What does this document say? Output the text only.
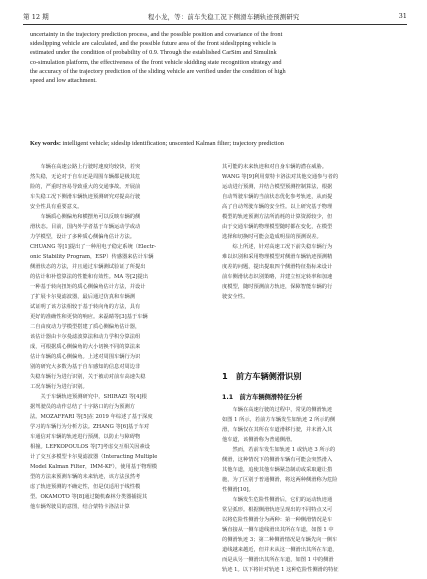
第 12 期	程小龙，等：前车失稳工况下侧滑车辆轨迹预测研究	31
uncertainty in the trajectory prediction process, and the possible position and covariance of the front
sideslipping vehicle are calculated, and the possible future area of the front sideslipping vehicle is
estimated under the condition of probability of 0.9. Through the established CarSim and Simulink
co-simulation platform, the effectiveness of the front vehicle skidding state recognition strategy and
the accuracy of the trajectory prediction of the sliding vehicle are verified under the condition of high
speed and low attachment.
Key words: intelligent vehicle; sideslip identification; unscented Kalman filter; trajectory prediction
　　车辆在高速公路上行驶时速度均较快，若突
然失稳，无论对于自车还是周围车辆都是极其危
险的，严重时容易导致重大的交通事故。开展前
车失稳工况下侧滑车辆轨迹预测研究对提高行驶
安全性具有重要意义。
　　车辆质心侧偏角和横摆角可以反映车辆的侧
滑状态。目前，国内外学者基于车辆运动学或动
力学模型，设计了多种质心侧偏角估计方法。
CHUANG 等[1]提出了一种用电子稳定系统（Electr-
onic Stability Program，ESP）传感器来估计车辆
侧滑状态的方法，并且通过车辆测试验证了所提出
的估计和补偿算法的性能和有效性。MA 等[2]提出
一种基于转向扭矩的质心侧偏角估计方法，并设计
了扩展卡尔曼滤波器，最后通过仿真和车辆测
试证明了该方法相较于基于转向角的方法，具有
更好的准确性和更快的响应。来磊睛等[3]基于车辆
二自由度动力学模型搭建了质心侧偏角估计器，
该估计器由卡尔曼滤波算法和动力学积分算法组
成，可根据质心侧偏角的大小切换不同的算法来
估计车辆的质心侧偏角。上述对周围车辆行为识
别的研究大多数为基于自车感知的信息对周边非
失稳车辆行为进行识别，关于被动对前车高速失稳
工况车辆行为进行识别。
　　关于车辆轨迹预测研究中，SHIRAZI 等[4]根
据驾驶员的动作总结了十字路口的行为预测方
法。MOZAFFARI 等[5]在 2019 年综述了基于深度
学习的车辆行为分析方法。ZHANG 等[6]基于车对
车通信对车辆的轨迹进行预测，以防止与障碍物
相撞。LEFKOPOULOS 等[7]考虑交互相关因素设
计了交互多模型卡尔曼滤波器（Interacting Multiple
Model Kalman Filter，IMM-KF），使用基于物理模
型的方法来预测车辆的未来轨迹，该方法虽然考
虑了轨迹预测的不确定性，但是仅适用于线性模
型。OKAMOTO 等[8]通过随机森林分类器捕捉其
他车辆驾驶员的意图，结合蒙特卡洛法计算
其可能的未来轨迹和对自身车辆的潜在威胁。
WANG 等[9]利用蒙特卡洛法对其他交通参与者的
运动进行预测，并结合模型预测控制算法，根据
自动驾驶车辆的当前状态优化参考轨迹，从而提
高了自动驾驶车辆的安全性。以上研究基于物理
模型的轨迹预测方法所消耗的计算资源较少，但
由于交通车辆的物理模型随时都在变化，在模型
选择和切换时可能会造成明显的预测误差。
　　综上所述，针对高速工况下前失稳车辆行为
难以识别和采用物理模型对侧滑车辆轨迹预测精
度差的问题，提出提取四个侧滑特征指标来设计
前车侧滑状态识别策略，并建立恒定转率和加速
度模型，随时预测前方轨迹，保障智能车辆的行
驶安全性。
1　前方车辆侧滑识别
1.1　前方车辆侧滑特征分析
　　车辆在高速行驶的过程中，常见的侧滑轨迹
如图 1 所示，若前方车辆发生如轨迹 2 所示的侧
滑，车辆仅在其所在车道滑移行驶，并未滑入其
他车道，该侧滑称为普通侧滑。
　　然而，若前车发生如轨迹 1 或轨迹 3 所示的
侧滑，这种情况下的侧滑车辆有可能会突然滑入
其他车道，追使其他车辆紧急制动或采取避让措
施，为了区别于普通侧滑，将这两种侧滑称为危险
性侧滑[10]。
　　车辆发生危险性侧滑后，它们的运动轨迹通
常呈弧形。根据侧滑轨迹呈现出的不同特点又可
以将危险性侧滑分为两种：第一种侧滑情况是车
辆直接从一侧车道线滑出其所在车道，如图 1 中
的侧滑轨迹 3；第二种侧滑情况是车辆先向一侧车
道线越来越近，但并未从这一侧滑出其所在车道，
而是从另一侧滑出其所在车道，如图 1 中的侧滑
轨迹 1。以下将针对轨迹 1 这种危险性侧滑的特征
